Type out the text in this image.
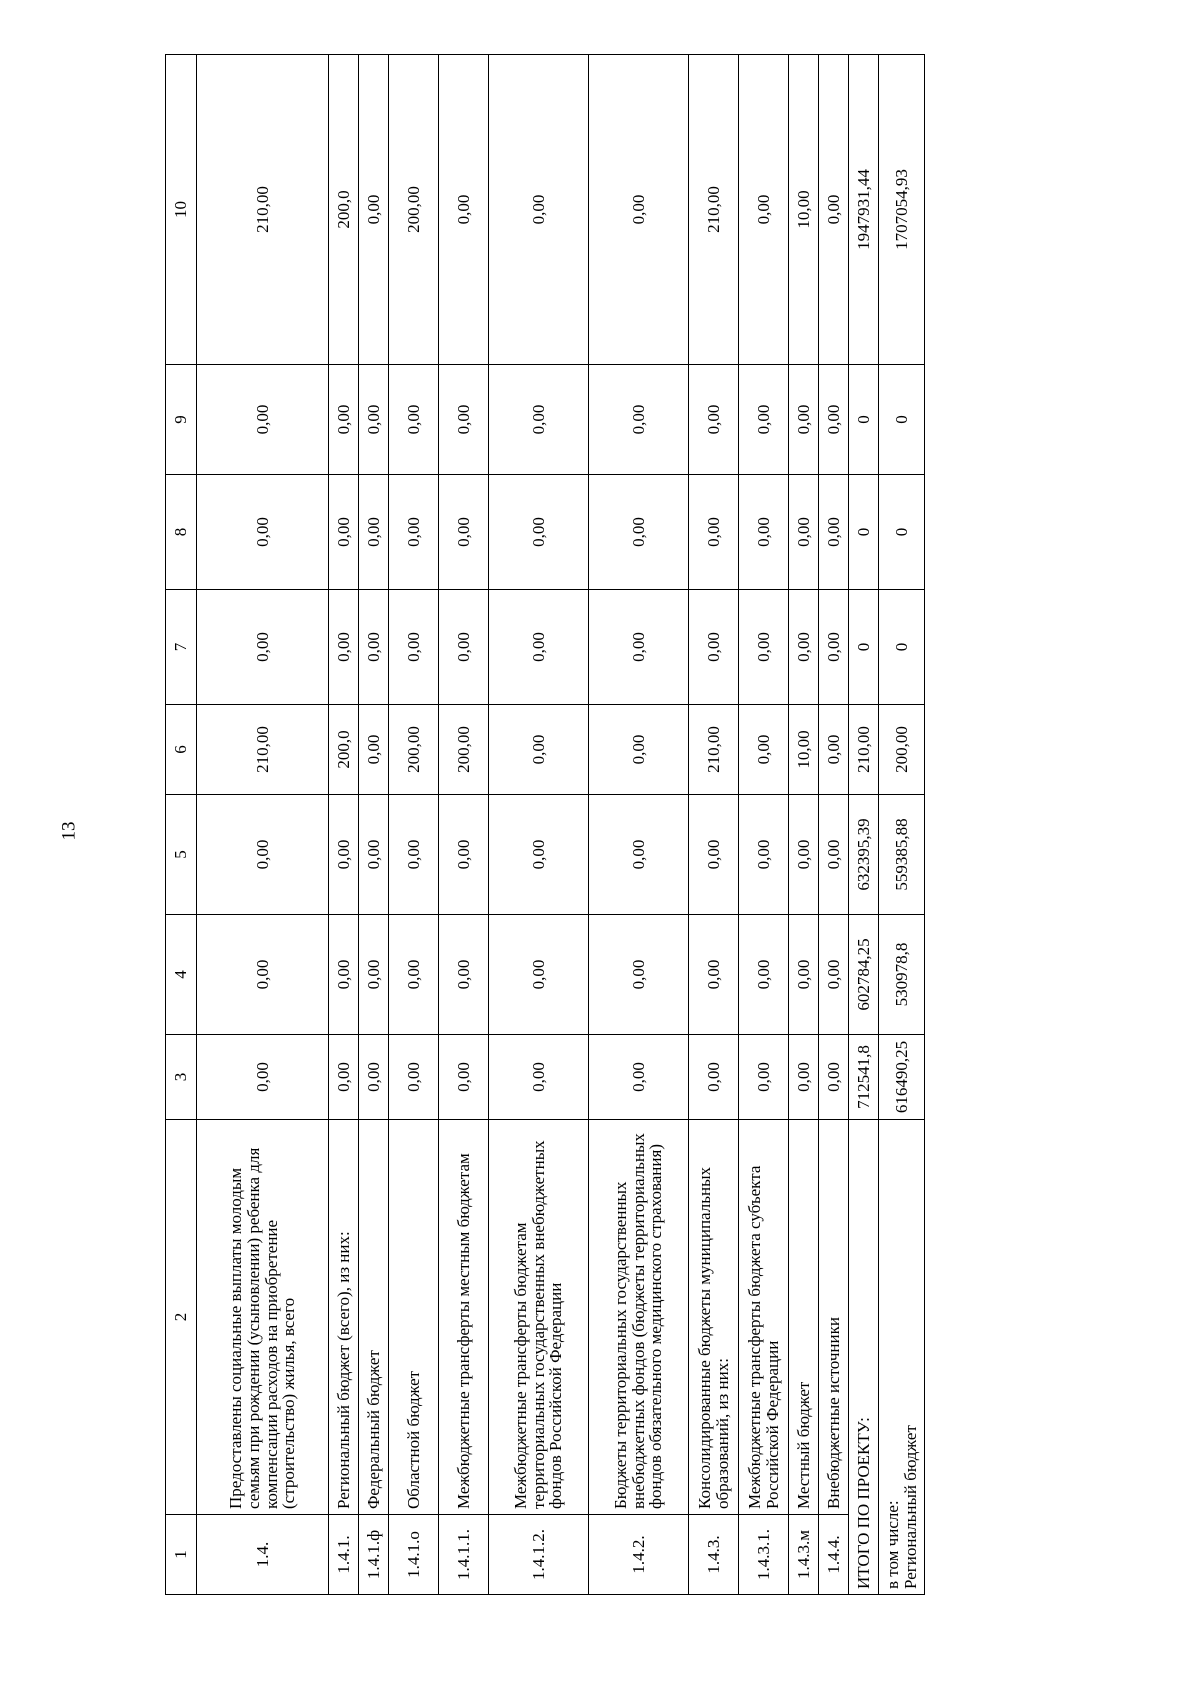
13
1	2	3	4	5	6	7	8	9	10
1.4.	Предоставлены социальные выплаты молодым семьям при рождении (усыновлении) ребенка для компенсации расходов на приобретение (строительство) жилья, всего	0,00	0,00	0,00	210,00	0,00	0,00	0,00	210,00
1.4.1.	Региональный бюджет (всего), из них:	0,00	0,00	0,00	200,0	0,00	0,00	0,00	200,0
1.4.1.ф	Федеральный бюджет	0,00	0,00	0,00	0,00	0,00	0,00	0,00	0,00
1.4.1.о	Областной бюджет	0,00	0,00	0,00	200,00	0,00	0,00	0,00	200,00
1.4.1.1.	Межбюджетные трансферты местным бюджетам	0,00	0,00	0,00	200,00	0,00	0,00	0,00	0,00
1.4.1.2.	Межбюджетные трансферты бюджетам территориальных государственных внебюджетных фондов Российской Федерации	0,00	0,00	0,00	0,00	0,00	0,00	0,00	0,00
1.4.2.	Бюджеты территориальных государственных внебюджетных фондов (бюджеты территориальных фондов обязательного медицинского страхования)	0,00	0,00	0,00	0,00	0,00	0,00	0,00	0,00
1.4.3.	Консолидированные бюджеты муниципальных образований, из них:	0,00	0,00	0,00	210,00	0,00	0,00	0,00	210,00
1.4.3.1.	Межбюджетные трансферты бюджета субъекта Российской Федерации	0,00	0,00	0,00	0,00	0,00	0,00	0,00	0,00
1.4.3.м	Местный бюджет	0,00	0,00	0,00	10,00	0,00	0,00	0,00	10,00
1.4.4.	Внебюджетные источники	0,00	0,00	0,00	0,00	0,00	0,00	0,00	0,00
ИТОГО ПО ПРОЕКТУ:		712541,8	602784,25	632395,39	210,00	0	0	0	1947931,44
в том числе:
Региональный бюджет		616490,25	530978,8	559385,88	200,00	0	0	0	1707054,93
